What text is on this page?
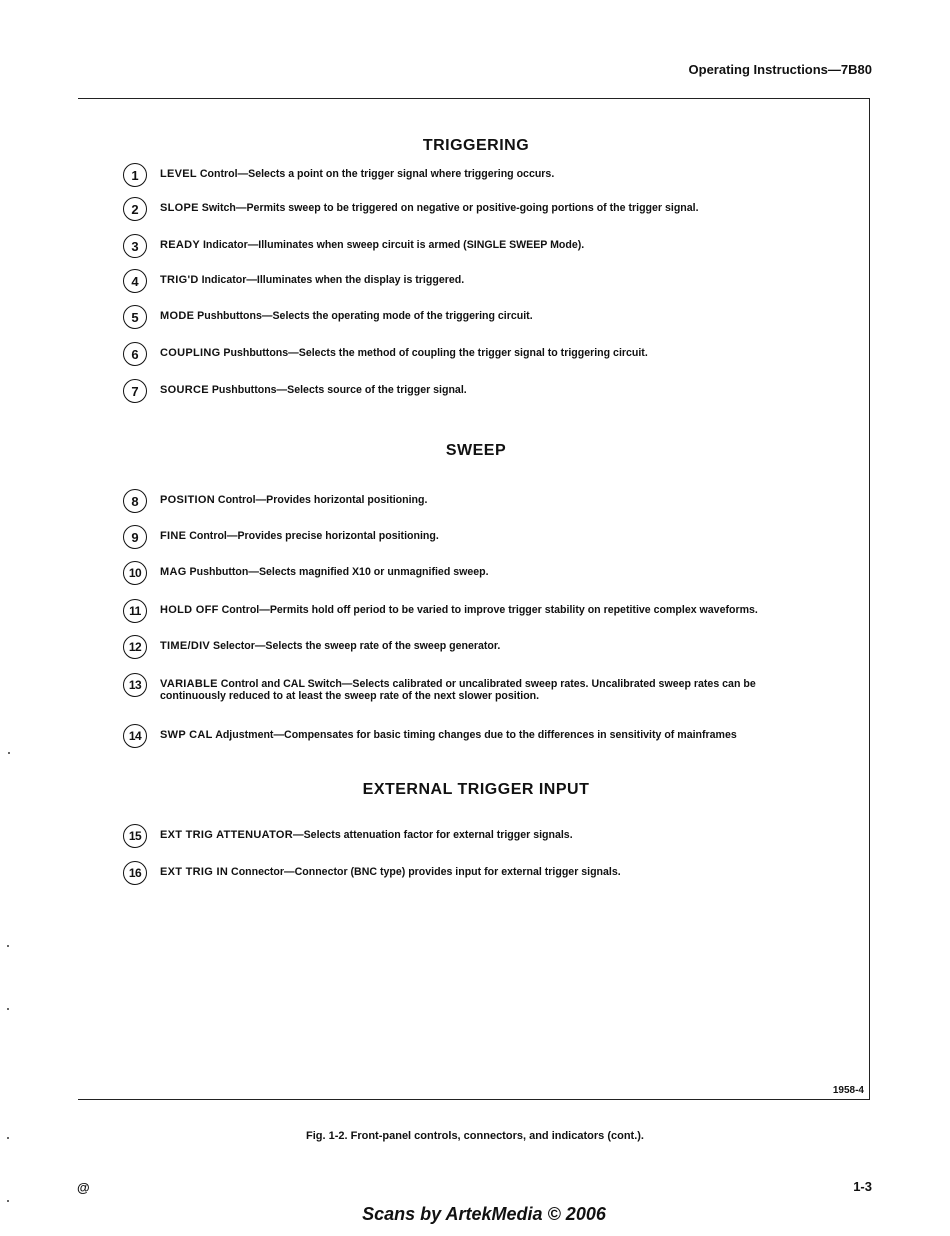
Operating Instructions—7B80
TRIGGERING
SWEEP
EXTERNAL TRIGGER INPUT
1	LEVEL Control—Selects a point on the trigger signal where triggering occurs.
2	SLOPE Switch—Permits sweep to be triggered on negative or positive-going portions of the trigger signal.
3	READY Indicator—Illuminates when sweep circuit is armed (SINGLE SWEEP Mode).
4	TRIG'D Indicator—Illuminates when the display is triggered.
5	MODE Pushbuttons—Selects the operating mode of the triggering circuit.
6	COUPLING Pushbuttons—Selects the method of coupling the trigger signal to triggering circuit.
7	SOURCE Pushbuttons—Selects source of the trigger signal.
8	POSITION Control—Provides horizontal positioning.
9	FINE Control—Provides precise horizontal positioning.
10	MAG Pushbutton—Selects magnified X10 or unmagnified sweep.
11	HOLD OFF Control—Permits hold off period to be varied to improve trigger stability on repetitive complex waveforms.
12	TIME/DIV Selector—Selects the sweep rate of the sweep generator.
13	VARIABLE Control and CAL Switch—Selects calibrated or uncalibrated sweep rates. Uncalibrated sweep rates can be continuously reduced to at least the sweep rate of the next slower position.
14	SWP CAL Adjustment—Compensates for basic timing changes due to the differences in sensitivity of mainframes
15	EXT TRIG ATTENUATOR—Selects attenuation factor for external trigger signals.
16	EXT TRIG IN Connector—Connector (BNC type) provides input for external trigger signals.
1958-4
Fig. 1-2. Front-panel controls, connectors, and indicators (cont.).
@	1-3
Scans by ArtekMedia © 2006
